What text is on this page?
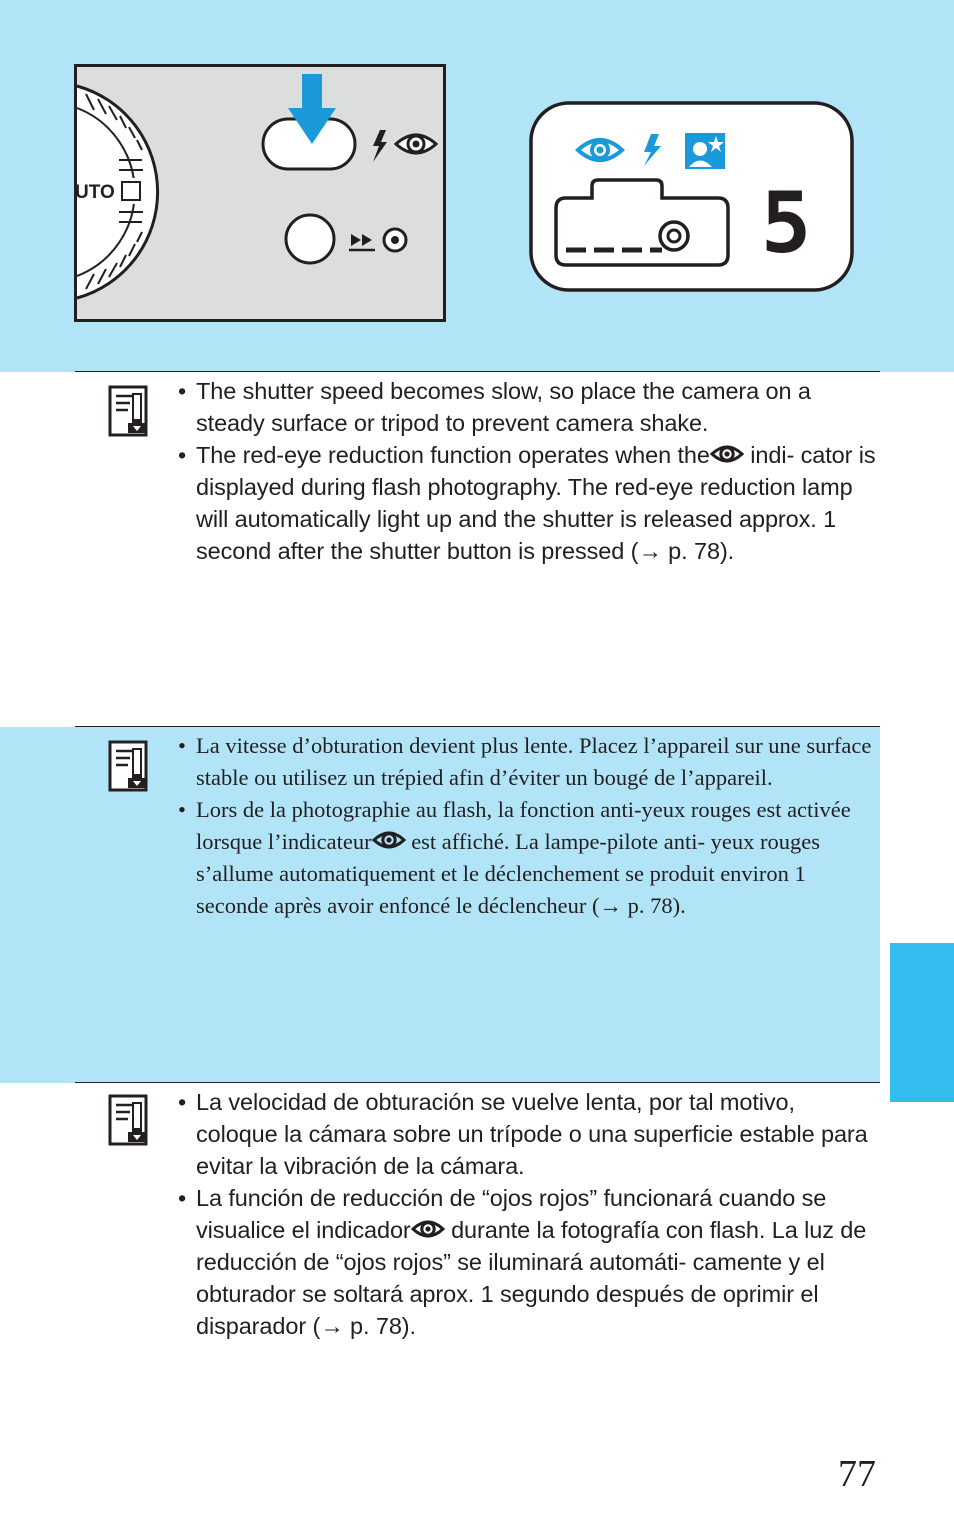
UTO	5
• The shutter speed becomes slow, so place the camera on a steady surface or tripod to prevent camera shake.
• The red-eye reduction function operates when the indi- cator is displayed during flash photography. The red-eye reduction lamp will automatically light up and the shutter is released approx. 1 second after the shutter button is pressed (→ p. 78).
• La vitesse d’obturation devient plus lente. Placez l’appareil sur une surface stable ou utilisez un trépied afin d’éviter un bougé de l’appareil.
• Lors de la photographie au flash, la fonction anti-yeux rouges est activée lorsque l’indicateur est affiché. La lampe-pilote anti- yeux rouges s’allume automatiquement et le déclenchement se produit environ 1 seconde après avoir enfoncé le déclencheur (→ p. 78).
• La velocidad de obturación se vuelve lenta, por tal motivo, coloque la cámara sobre un trípode o una superficie estable para evitar la vibración de la cámara.
• La función de reducción de “ojos rojos” funcionará cuando se visualice el indicador durante la fotografía con flash. La luz de reducción de “ojos rojos” se iluminará automáti- camente y el obturador se soltará aprox. 1 segundo después de oprimir el disparador (→ p. 78).
77
